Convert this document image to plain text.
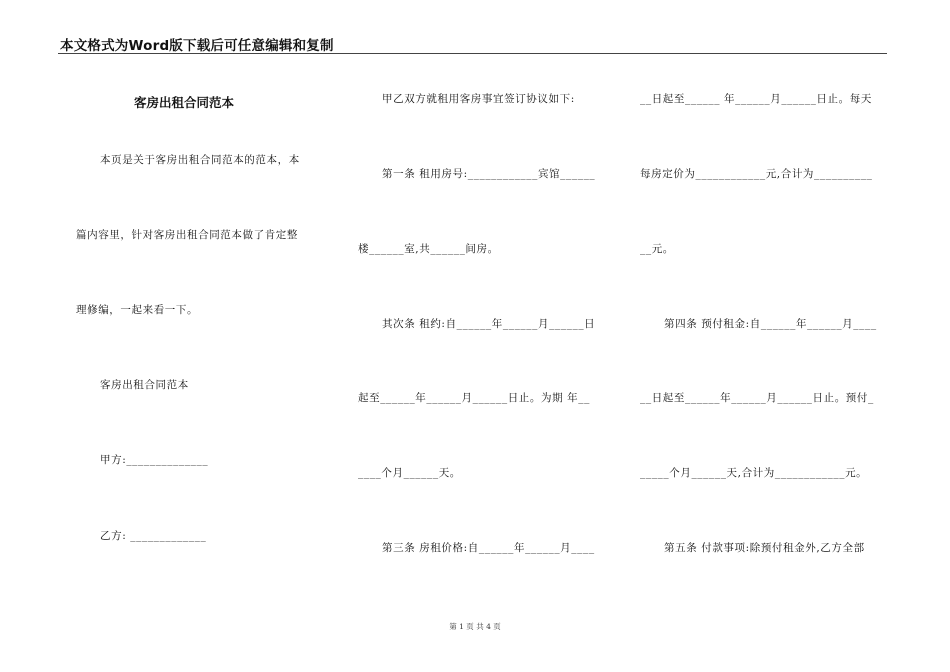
本文格式为Word版下载后可任意编辑和复制
客房出租合同范本
本页是关于客房出租合同范本的范本，本
篇内容里，针对客房出租合同范本做了肯定整
理修编，一起来看一下。
客房出租合同范本
甲方:______________
乙方: _____________
甲乙双方就租用客房事宜签订协议如下:
第一条 租用房号:____________宾馆______
楼______室,共______间房。
其次条 租约:自______年______月______日
起至______年______月______日止。为期 年__
____个月______天。
第三条 房租价格:自______年______月____
__日起至______ 年______月______日止。每天
每房定价为____________元,合计为__________
__元。
第四条 预付租金:自______年______月____
__日起至______年______月______日止。预付_
_____个月______天,合计为____________元。
第五条 付款事项:除预付租金外,乙方全部
第 1 页 共 4 页
